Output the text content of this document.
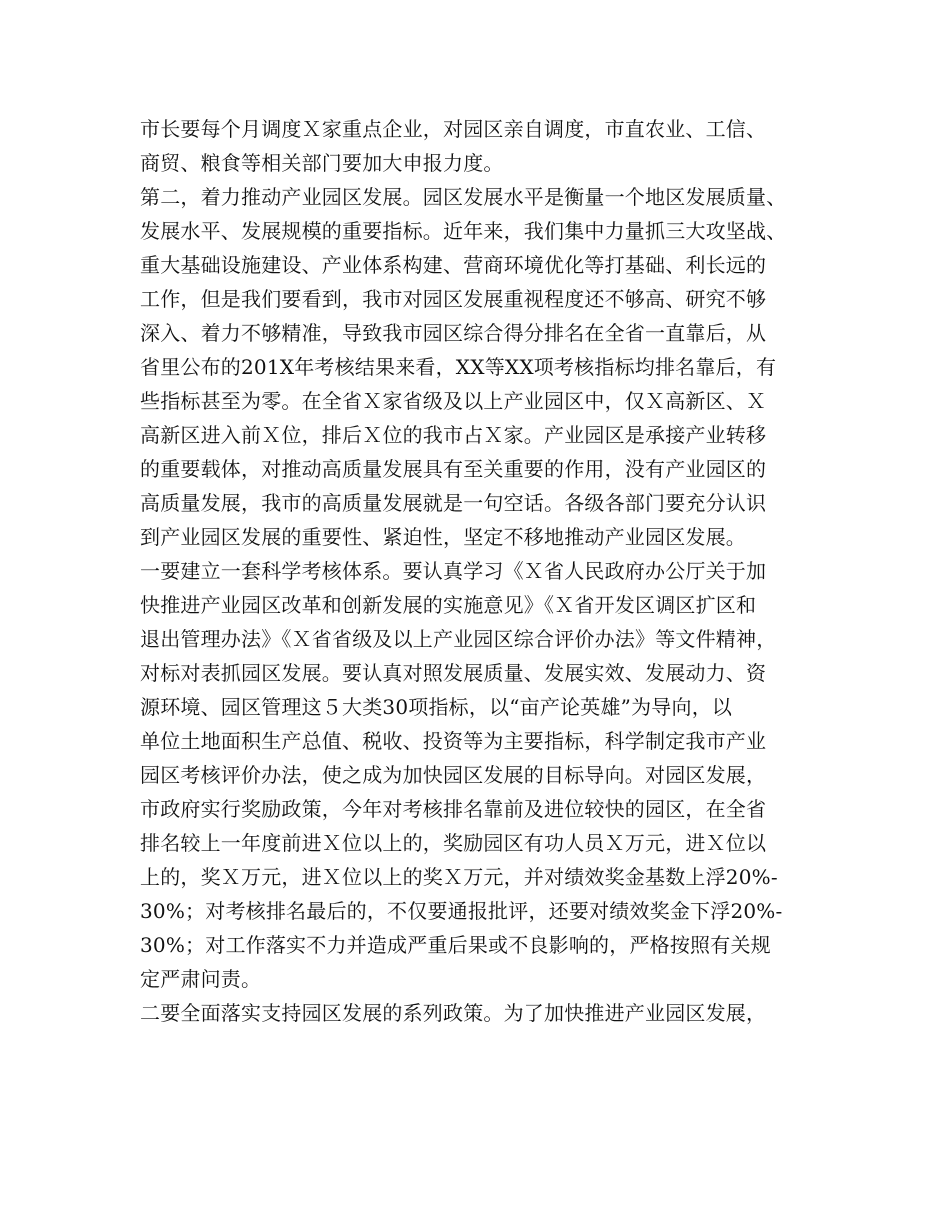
市长要每个月调度Ｘ家重点企业，对园区亲自调度，市直农业、工信、
商贸、粮食等相关部门要加大申报力度。
第二，着力推动产业园区发展。园区发展水平是衡量一个地区发展质量、
发展水平、发展规模的重要指标。近年来，我们集中力量抓三大攻坚战、
重大基础设施建设、产业体系构建、营商环境优化等打基础、利长远的
工作，但是我们要看到，我市对园区发展重视程度还不够高、研究不够
深入、着力不够精准，导致我市园区综合得分排名在全省一直靠后，从
省里公布的201X年考核结果来看，XX等XX项考核指标均排名靠后，有
些指标甚至为零。在全省Ｘ家省级及以上产业园区中，仅Ｘ高新区、Ｘ
高新区进入前Ｘ位，排后Ｘ位的我市占Ｘ家。产业园区是承接产业转移
的重要载体，对推动高质量发展具有至关重要的作用，没有产业园区的
高质量发展，我市的高质量发展就是一句空话。各级各部门要充分认识
到产业园区发展的重要性、紧迫性，坚定不移地推动产业园区发展。
一要建立一套科学考核体系。要认真学习《Ｘ省人民政府办公厅关于加
快推进产业园区改革和创新发展的实施意见》《Ｘ省开发区调区扩区和
退出管理办法》《Ｘ省省级及以上产业园区综合评价办法》等文件精神，
对标对表抓园区发展。要认真对照发展质量、发展实效、发展动力、资
源环境、园区管理这５大类30项指标，以“亩产论英雄”为导向，以
单位土地面积生产总值、税收、投资等为主要指标，科学制定我市产业
园区考核评价办法，使之成为加快园区发展的目标导向。对园区发展，
市政府实行奖励政策，今年对考核排名靠前及进位较快的园区，在全省
排名较上一年度前进Ｘ位以上的，奖励园区有功人员Ｘ万元，进Ｘ位以
上的，奖Ｘ万元，进Ｘ位以上的奖Ｘ万元，并对绩效奖金基数上浮20%-
30%；对考核排名最后的，不仅要通报批评，还要对绩效奖金下浮20%-
30%；对工作落实不力并造成严重后果或不良影响的，严格按照有关规
定严肃问责。
二要全面落实支持园区发展的系列政策。为了加快推进产业园区发展，
